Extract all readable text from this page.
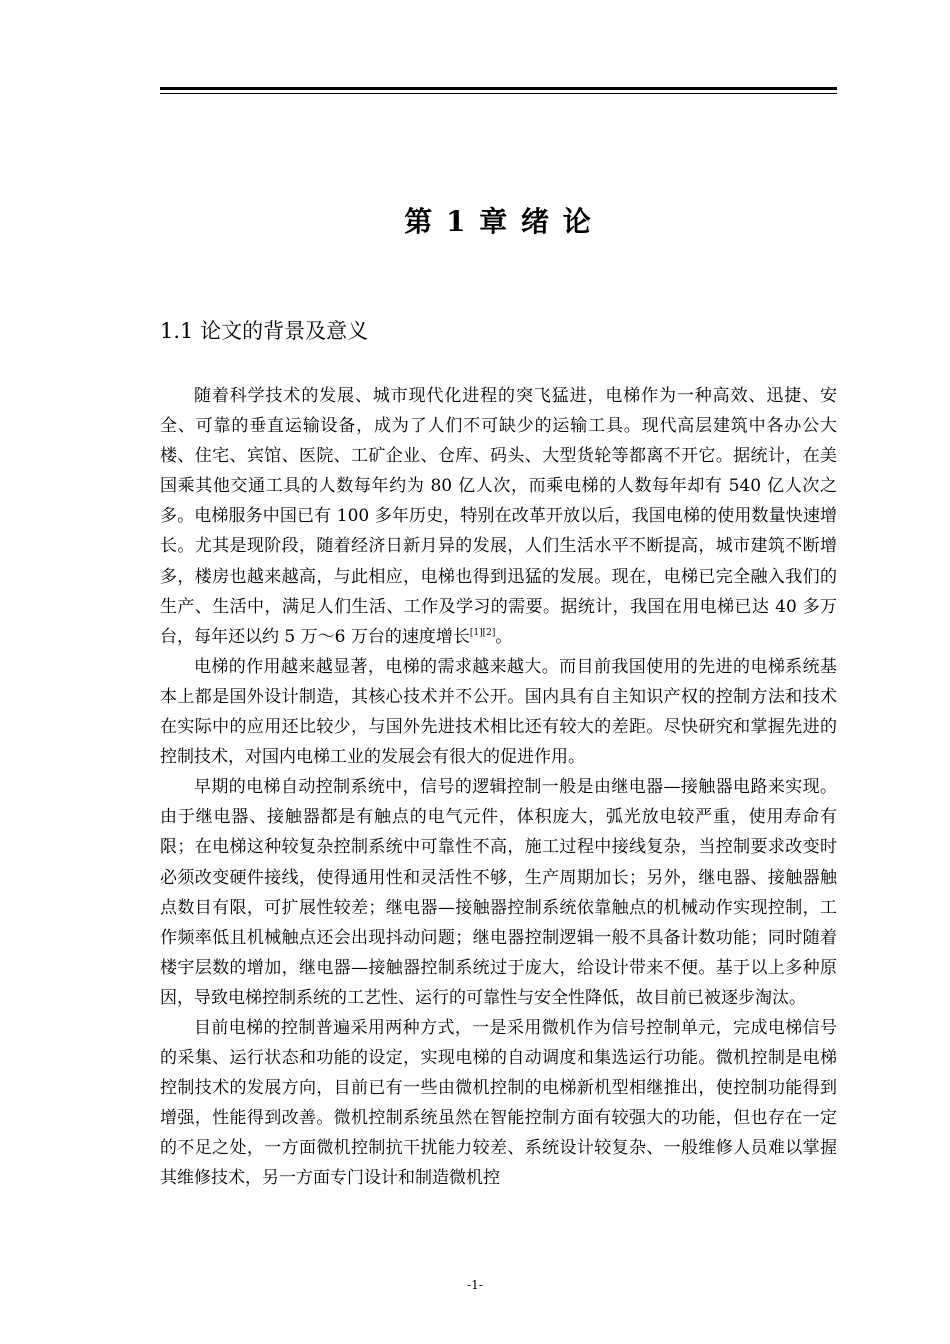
第 1 章 绪 论
1.1 论文的背景及意义

随着科学技术的发展、城市现代化进程的突飞猛进，电梯作为一种高效、迅捷、安全、可靠的垂直运输设备，成为了人们不可缺少的运输工具。现代高层建筑中各办公大楼、住宅、宾馆、医院、工矿企业、仓库、码头、大型货轮等都离不开它。据统计，在美国乘其他交通工具的人数每年约为 80 亿人次，而乘电梯的人数每年却有 540 亿人次之多。电梯服务中国已有 100 多年历史，特别在改革开放以后，我国电梯的使用数量快速增长。尤其是现阶段，随着经济日新月异的发展，人们生活水平不断提高，城市建筑不断增多，楼房也越来越高，与此相应，电梯也得到迅猛的发展。现在，电梯已完全融入我们的生产、生活中，满足人们生活、工作及学习的需要。据统计，我国在用电梯已达 40 多万台，每年还以约 5 万～6 万台的速度增长[1][2]。

电梯的作用越来越显著，电梯的需求越来越大。而目前我国使用的先进的电梯系统基本上都是国外设计制造，其核心技术并不公开。国内具有自主知识产权的控制方法和技术在实际中的应用还比较少，与国外先进技术相比还有较大的差距。尽快研究和掌握先进的控制技术，对国内电梯工业的发展会有很大的促进作用。

早期的电梯自动控制系统中，信号的逻辑控制一般是由继电器—接触器电路来实现。由于继电器、接触器都是有触点的电气元件，体积庞大，弧光放电较严重，使用寿命有限；在电梯这种较复杂控制系统中可靠性不高，施工过程中接线复杂，当控制要求改变时必须改变硬件接线，使得通用性和灵活性不够，生产周期加长；另外，继电器、接触器触点数目有限，可扩展性较差；继电器—接触器控制系统依靠触点的机械动作实现控制，工作频率低且机械触点还会出现抖动问题；继电器控制逻辑一般不具备计数功能；同时随着楼宇层数的增加，继电器—接触器控制系统过于庞大，给设计带来不便。基于以上多种原因，导致电梯控制系统的工艺性、运行的可靠性与安全性降低，故目前已被逐步淘汰。

目前电梯的控制普遍采用两种方式，一是采用微机作为信号控制单元，完成电梯信号的采集、运行状态和功能的设定，实现电梯的自动调度和集选运行功能。微机控制是电梯控制技术的发展方向，目前已有一些由微机控制的电梯新机型相继推出，使控制功能得到增强，性能得到改善。微机控制系统虽然在智能控制方面有较强大的功能，但也存在一定的不足之处，一方面微机控制抗干扰能力较差、系统设计较复杂、一般维修人员难以掌握其维修技术，另一方面专门设计和制造微机控

-1-
